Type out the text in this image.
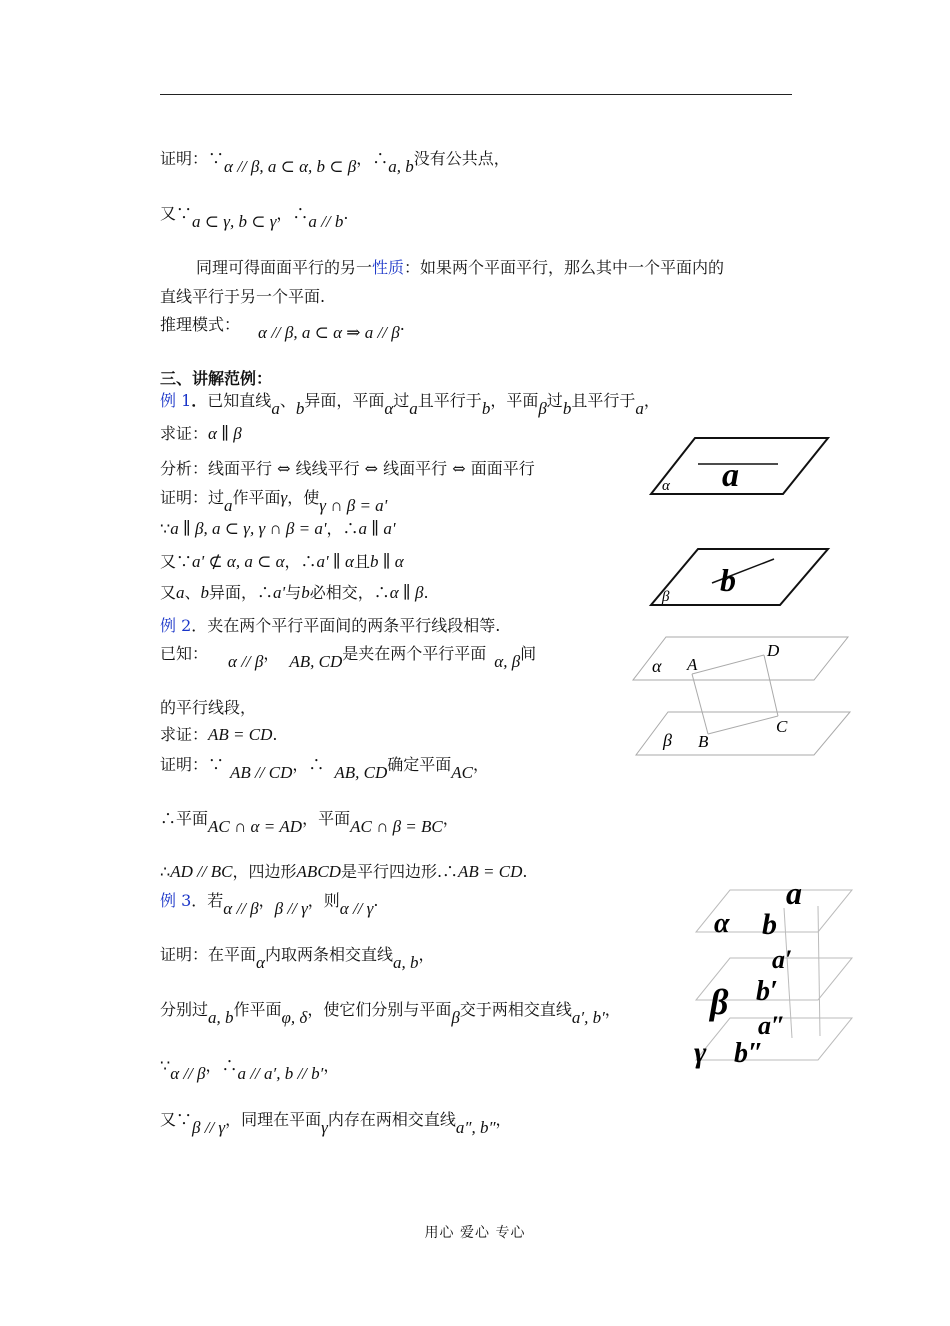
证明：∵α // β, a ⊂ α, b ⊂ β，∴a, b没有公共点，
又∵a ⊂ γ, b ⊂ γ，∴a // b.
同理可得面面平行的另一性质：如果两个平面平行，那么其中一个平面内的
直线平行于另一个平面.
推理模式： α // β, a ⊂ α ⇒ a // β.
三、讲解范例：
例 1．已知直线a、b异面，平面α过a且平行于b，平面β过b且平行于a，
求证：α ∥ β
分析：线面平行 ⇔ 线线平行 ⇔ 线面平行 ⇔ 面面平行
证明：过a作平面γ，使γ ∩ β = a'
∵a ∥ β, a ⊂ γ, γ ∩ β = a'，∴a ∥ a'
又∵a' ⊄ α, a ⊂ α，∴a' ∥ α且b ∥ α
又a、b异面，∴a'与b必相交，∴α ∥ β.
α a
β b
例 2．夹在两个平行平面间的两条平行线段相等.
已知： α // β， AB, CD是夹在两个平行平面 α, β间
的平行线段，
求证：AB = CD.
证明：∵ AB // CD，∴ AB, CD确定平面AC，
∴平面AC ∩ α = AD，平面AC ∩ β = BC，
∴AD // BC，四边形ABCD是平行四边形.∴AB = CD.
α A
D
β B
C
例 3．若α // β，β // γ，则α // γ.
证明：在平面α内取两条相交直线a, b，
分别过a, b作平面φ, δ，使它们分别与平面β交于两相交直线a′, b′，
∵α // β，∴a // a′, b // b′，
又∵β // γ，同理在平面γ内存在两相交直线a″, b″，
a
α b
a′
β b′
a″
γ b″
用心 爱心 专心
